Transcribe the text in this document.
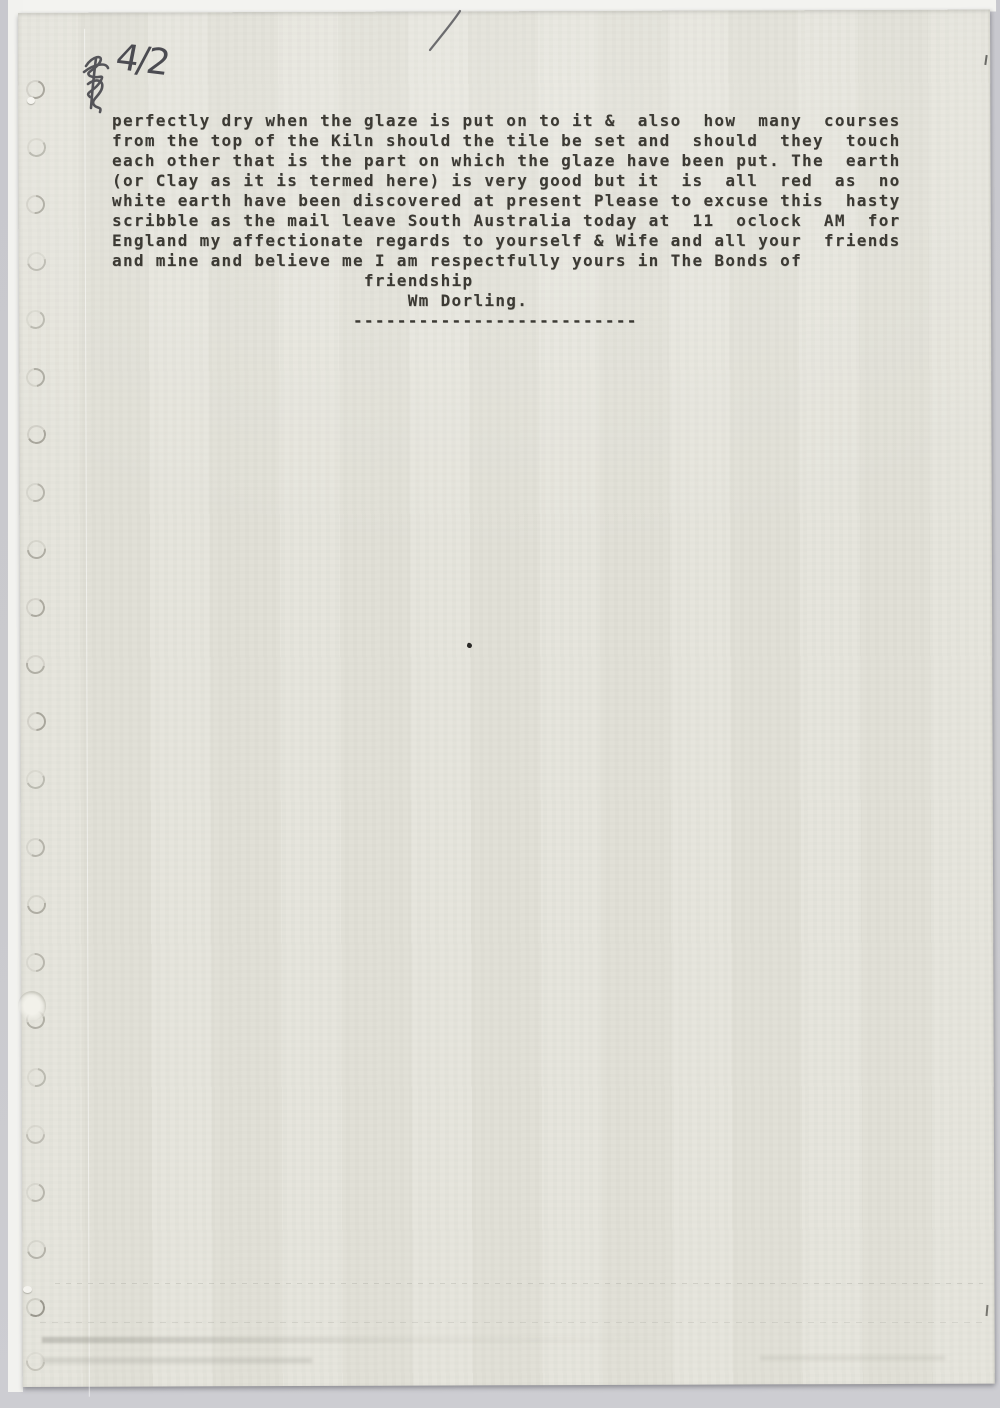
4/2
perfectly dry when the glaze is put on to it &  also  how  many  courses
from the top of the Kiln should the tile be set and  should  they  touch
each other that is the part on which the glaze have been put. The  earth
(or Clay as it is termed here) is very good but it  is  all  red  as  no
white earth have been discovered at present Please to excuse this  hasty
scribble as the mail leave South Australia today at  11  oclock  AM  for
England my affectionate regards to yourself & Wife and all your  friends
and mine and believe me I am respectfully yours in The Bonds of
friendship
Wm Dorling.
--------------------------
